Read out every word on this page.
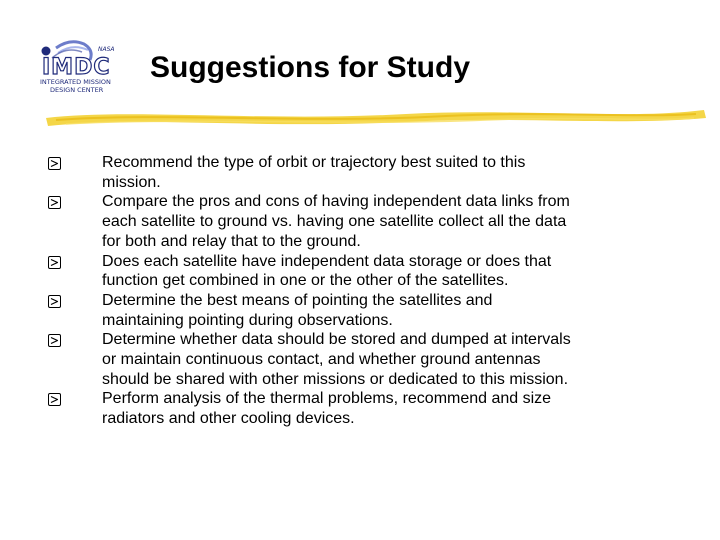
NASA
IMDC
INTEGRATED MISSION
DESIGN CENTER
Suggestions for Study
Recommend the type of orbit or trajectory best suited to this
mission.
Compare the pros and cons of having independent data links from
each satellite to ground vs. having one satellite collect all the data
for both and relay that to the ground.
Does each satellite have independent data storage or does that
function get combined in one or the other of the satellites.
Determine the best means of pointing the satellites and
maintaining pointing during observations.
Determine whether data should be stored and dumped at intervals
or maintain continuous contact, and whether ground antennas
should be shared with other missions or dedicated to this mission.
Perform analysis of the thermal problems, recommend and size
radiators and other cooling devices.
